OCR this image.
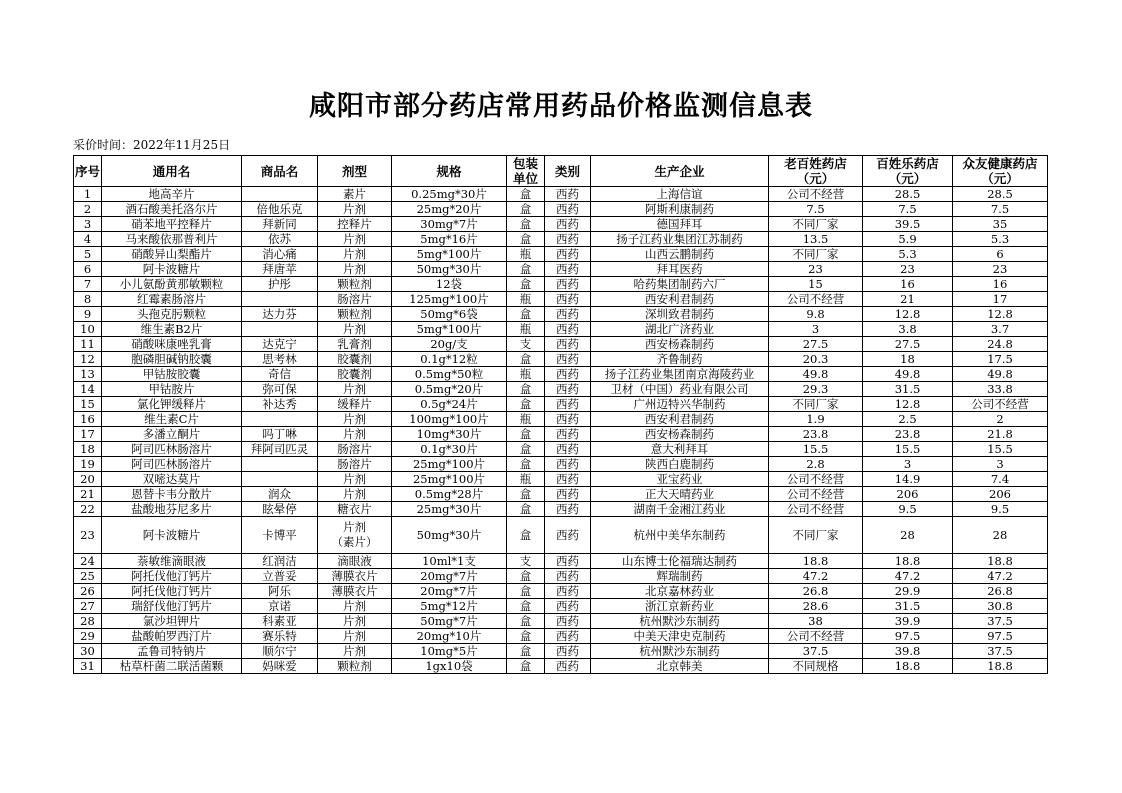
咸阳市部分药店常用药品价格监测信息表
采价时间：2022年11月25日
序号	通用名	商品名	剂型	规格	包装	类别	生产企业	老百姓药店	百姓乐药店	众友健康药店
					单位			（元）	（元）	（元）
1	地高辛片		素片	0.25mg*30片	盒	西药	上海信谊	公司不经营	28.5	28.5
2	酒石酸美托洛尔片	倍他乐克	片剂	25mg*20片	盒	西药	阿斯利康制药	7.5	7.5	7.5
3	硝苯地平控释片	拜新同	控释片	30mg*7片	盒	西药	德国拜耳	不同厂家	39.5	35
4	马来酸依那普利片	依苏	片剂	5mg*16片	盒	西药	扬子江药业集团江苏制药	13.5	5.9	5.3
5	硝酸异山梨酯片	消心痛	片剂	5mg*100片	瓶	西药	山西云鹏制药	不同厂家	5.3	6
6	阿卡波糖片	拜唐苹	片剂	50mg*30片	盒	西药	拜耳医药	23	23	23
7	小儿氨酚黄那敏颗粒	护彤	颗粒剂	12袋	盒	西药	哈药集团制药六厂	15	16	16
8	红霉素肠溶片		肠溶片	125mg*100片	瓶	西药	西安利君制药	公司不经营	21	17
9	头孢克肟颗粒	达力芬	颗粒剂	50mg*6袋	盒	西药	深圳致君制药	9.8	12.8	12.8
10	维生素B2片		片剂	5mg*100片	瓶	西药	湖北广济药业	3	3.8	3.7
11	硝酸咪康唑乳膏	达克宁	乳膏剂	20g/支	支	西药	西安杨森制药	27.5	27.5	24.8
12	胞磷胆碱钠胶囊	思考林	胶囊剂	0.1g*12粒	盒	西药	齐鲁制药	20.3	18	17.5
13	甲钴胺胶囊	奇信	胶囊剂	0.5mg*50粒	瓶	西药	扬子江药业集团南京海陵药业	49.8	49.8	49.8
14	甲钴胺片	弥可保	片剂	0.5mg*20片	盒	西药	卫材（中国）药业有限公司	29.3	31.5	33.8
15	氯化钾缓释片	补达秀	缓释片	0.5g*24片	盒	西药	广州迈特兴华制药	不同厂家	12.8	公司不经营
16	维生素C片		片剂	100mg*100片	瓶	西药	西安利君制药	1.9	2.5	2
17	多潘立酮片	吗丁啉	片剂	10mg*30片	盒	西药	西安杨森制药	23.8	23.8	21.8
18	阿司匹林肠溶片	拜阿司匹灵	肠溶片	0.1g*30片	盒	西药	意大利拜耳	15.5	15.5	15.5
19	阿司匹林肠溶片		肠溶片	25mg*100片	盒	西药	陕西白鹿制药	2.8	3	3
20	双嘧达莫片		片剂	25mg*100片	瓶	西药	亚宝药业	公司不经营	14.9	7.4
21	恩替卡韦分散片	润众	片剂	0.5mg*28片	盒	西药	正大天晴药业	公司不经营	206	206
22	盐酸地芬尼多片	眩晕停	糖衣片	25mg*30片	盒	西药	湖南千金湘江药业	公司不经营	9.5	9.5
23	阿卡波糖片	卡博平	片剂
（素片）	50mg*30片	盒	西药	杭州中美华东制药	不同厂家	28	28
24	萘敏维滴眼液	红润洁	滴眼液	10ml*1支	支	西药	山东博士伦福瑞达制药	18.8	18.8	18.8
25	阿托伐他汀钙片	立普妥	薄膜衣片	20mg*7片	盒	西药	辉瑞制药	47.2	47.2	47.2
26	阿托伐他汀钙片	阿乐	薄膜衣片	20mg*7片	盒	西药	北京嘉林药业	26.8	29.9	26.8
27	瑞舒伐他汀钙片	京诺	片剂	5mg*12片	盒	西药	浙江京新药业	28.6	31.5	30.8
28	氯沙坦钾片	科素亚	片剂	50mg*7片	盒	西药	杭州默沙东制药	38	39.9	37.5
29	盐酸帕罗西汀片	赛乐特	片剂	20mg*10片	盒	西药	中美天津史克制药	公司不经营	97.5	97.5
30	孟鲁司特钠片	顺尔宁	片剂	10mg*5片	盒	西药	杭州默沙东制药	37.5	39.8	37.5
31	枯草杆菌二联活菌颗	妈咪爱	颗粒剂	1gx10袋	盒	西药	北京韩美	不同规格	18.8	18.8
